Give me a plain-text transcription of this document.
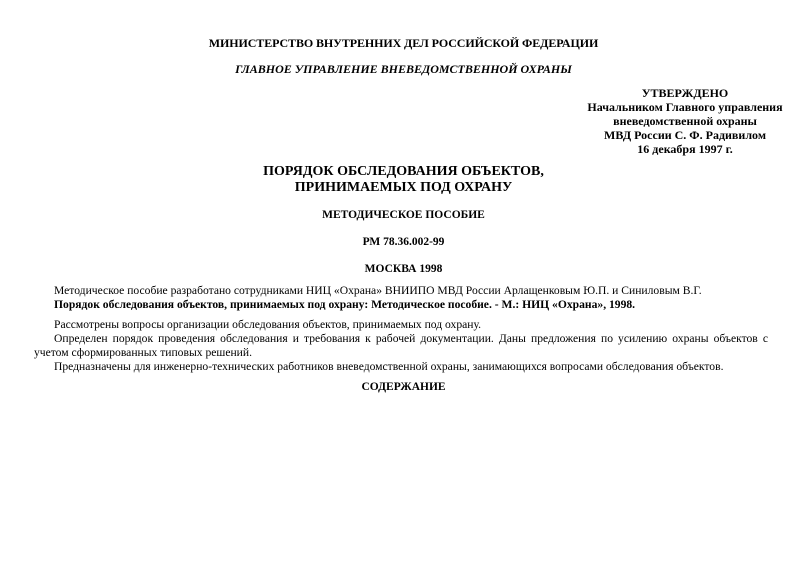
МИНИСТЕРСТВО ВНУТРЕННИХ ДЕЛ РОССИЙСКОЙ ФЕДЕРАЦИИ
ГЛАВНОЕ УПРАВЛЕНИЕ ВНЕВЕДОМСТВЕННОЙ ОХРАНЫ
УТВЕРЖДЕНО
Начальником Главного управления
вневедомственной охраны
МВД России С. Ф. Радивилом
16 декабря 1997 г.
ПОРЯДОК ОБСЛЕДОВАНИЯ ОБЪЕКТОВ,
ПРИНИМАЕМЫХ ПОД ОХРАНУ
МЕТОДИЧЕСКОЕ ПОСОБИЕ
РМ 78.36.002-99
МОСКВА 1998
Методическое пособие разработано сотрудниками НИЦ «Охрана» ВНИИПО МВД России Арлащенковым Ю.П. и Синиловым В.Г.
Порядок обследования объектов, принимаемых под охрану: Методическое пособие. - М.: НИЦ «Охрана», 1998.
Рассмотрены вопросы организации обследования объектов, принимаемых под охрану.
Определен порядок проведения обследования и требования к рабочей документации. Даны предложения по усилению охраны объектов с учетом сформированных типовых решений.
Предназначены для инженерно-технических работников вневедомственной охраны, занимающихся вопросами обследования объектов.
СОДЕРЖАНИЕ
